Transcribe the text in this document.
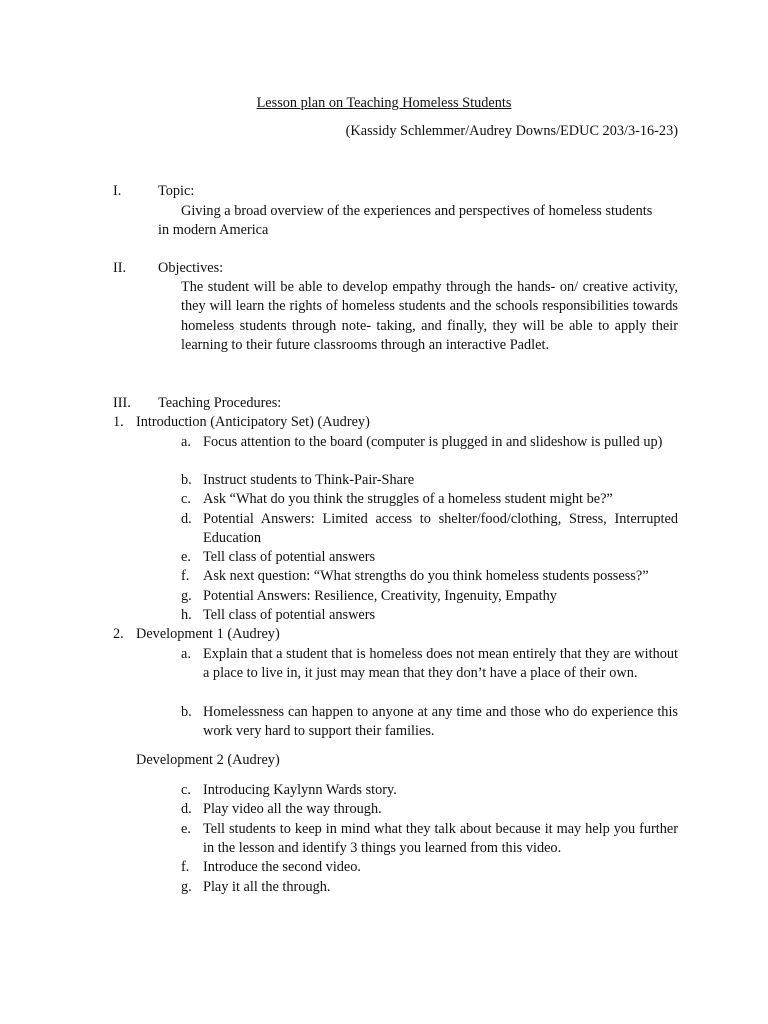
Lesson plan on Teaching Homeless Students
(Kassidy Schlemmer/Audrey Downs/EDUC 203/3-16-23)
I.	Topic:
Giving a broad overview of the experiences and perspectives of homeless students
in modern America
II. Objectives:
The student will be able to develop empathy through the hands- on/ creative activity, they will learn the rights of homeless students and the schools responsibilities towards homeless students through note- taking, and finally, they will be able to apply their learning to their future classrooms through an interactive Padlet.
III. Teaching Procedures:
1. Introduction (Anticipatory Set) (Audrey)
a. Focus attention to the board (computer is plugged in and slideshow is pulled up)
b. Instruct students to Think-Pair-Share
c. Ask “What do you think the struggles of a homeless student might be?”
d. Potential Answers: Limited access to shelter/food/clothing, Stress, Interrupted Education
e. Tell class of potential answers
f. Ask next question: “What strengths do you think homeless students possess?”
g. Potential Answers: Resilience, Creativity, Ingenuity, Empathy
h. Tell class of potential answers
2. Development 1 (Audrey)
a. Explain that a student that is homeless does not mean entirely that they are without a place to live in, it just may mean that they don’t have a place of their own.
b. Homelessness can happen to anyone at any time and those who do experience this work very hard to support their families.
Development 2 (Audrey)
c. Introducing Kaylynn Wards story.
d. Play video all the way through.
e. Tell students to keep in mind what they talk about because it may help you further in the lesson and identify 3 things you learned from this video.
f. Introduce the second video.
g. Play it all the through.
